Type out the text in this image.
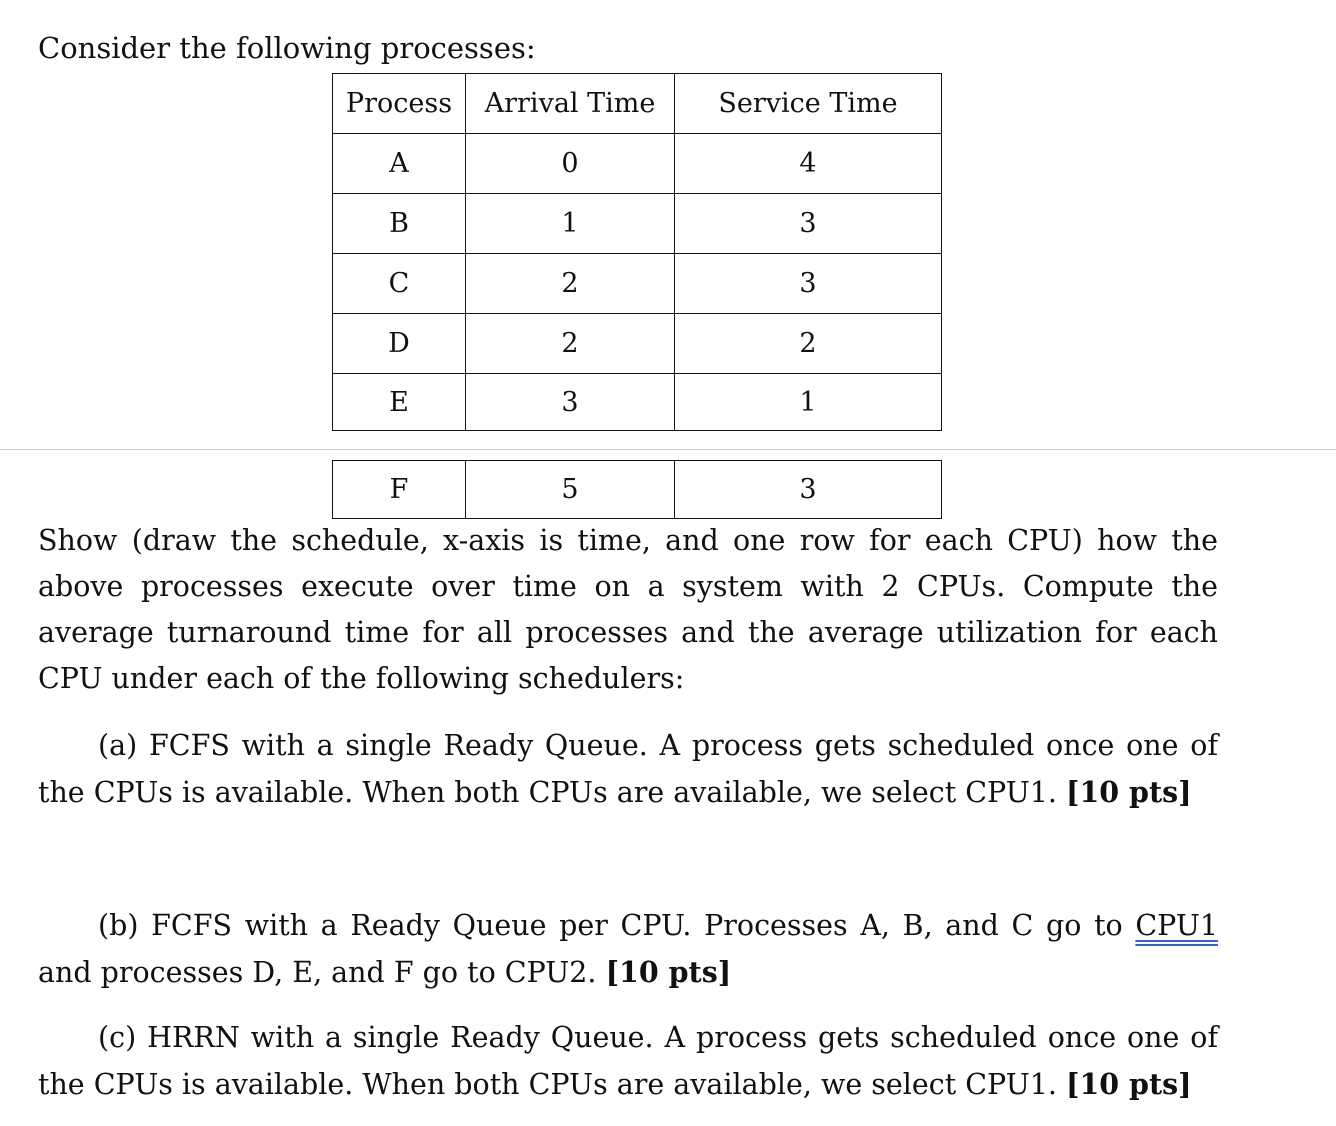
Consider the following processes:
Process	Arrival Time	Service Time
A	0	4
B	1	3
C	2	3
D	2	2
E	3	1
F	5	3

Show (draw the schedule, x-axis is time, and one row for each CPU) how the above processes execute over time on a system with 2 CPUs. Compute the average turnaround time for all processes and the average utilization for each CPU under each of the following schedulers:

(a) FCFS with a single Ready Queue. A process gets scheduled once one of the CPUs is available. When both CPUs are available, we select CPU1. [10 pts]

(b) FCFS with a Ready Queue per CPU. Processes A, B, and C go to CPU1 and processes D, E, and F go to CPU2. [10 pts]

(c) HRRN with a single Ready Queue. A process gets scheduled once one of the CPUs is available. When both CPUs are available, we select CPU1. [10 pts]
